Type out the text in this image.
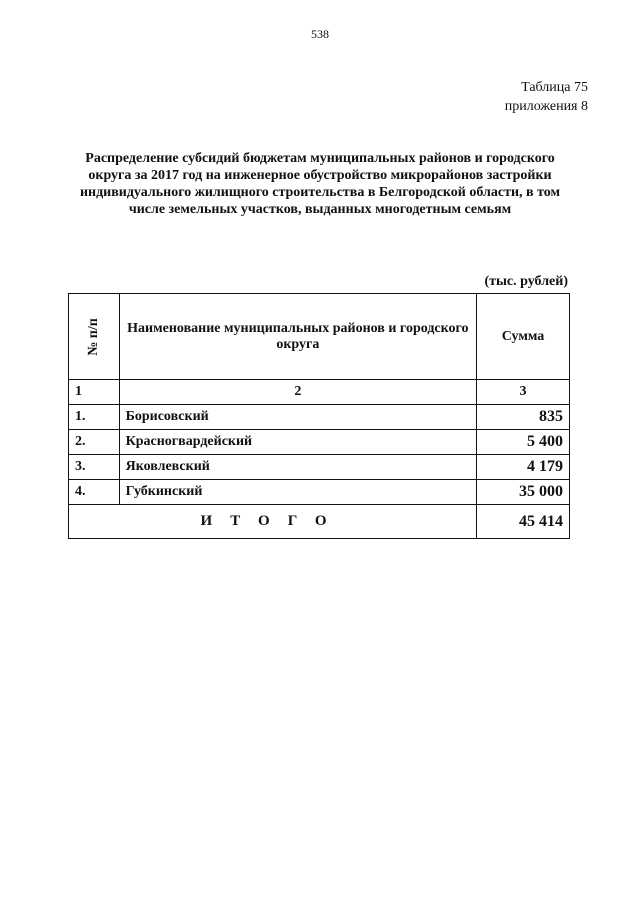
538
Таблица 75
приложения 8
Распределение субсидий бюджетам муниципальных районов и городского округа за 2017 год на инженерное обустройство микрорайонов застройки индивидуального жилищного строительства в Белгородской области, в том числе земельных участков, выданных многодетным семьям
(тыс. рублей)
№ п/п	Наименование муниципальных районов и городского округа	Сумма
1	2	3
1.	Борисовский	835
2.	Красногвардейский	5 400
3.	Яковлевский	4 179
4.	Губкинский	35 000
ИТОГО		45 414
